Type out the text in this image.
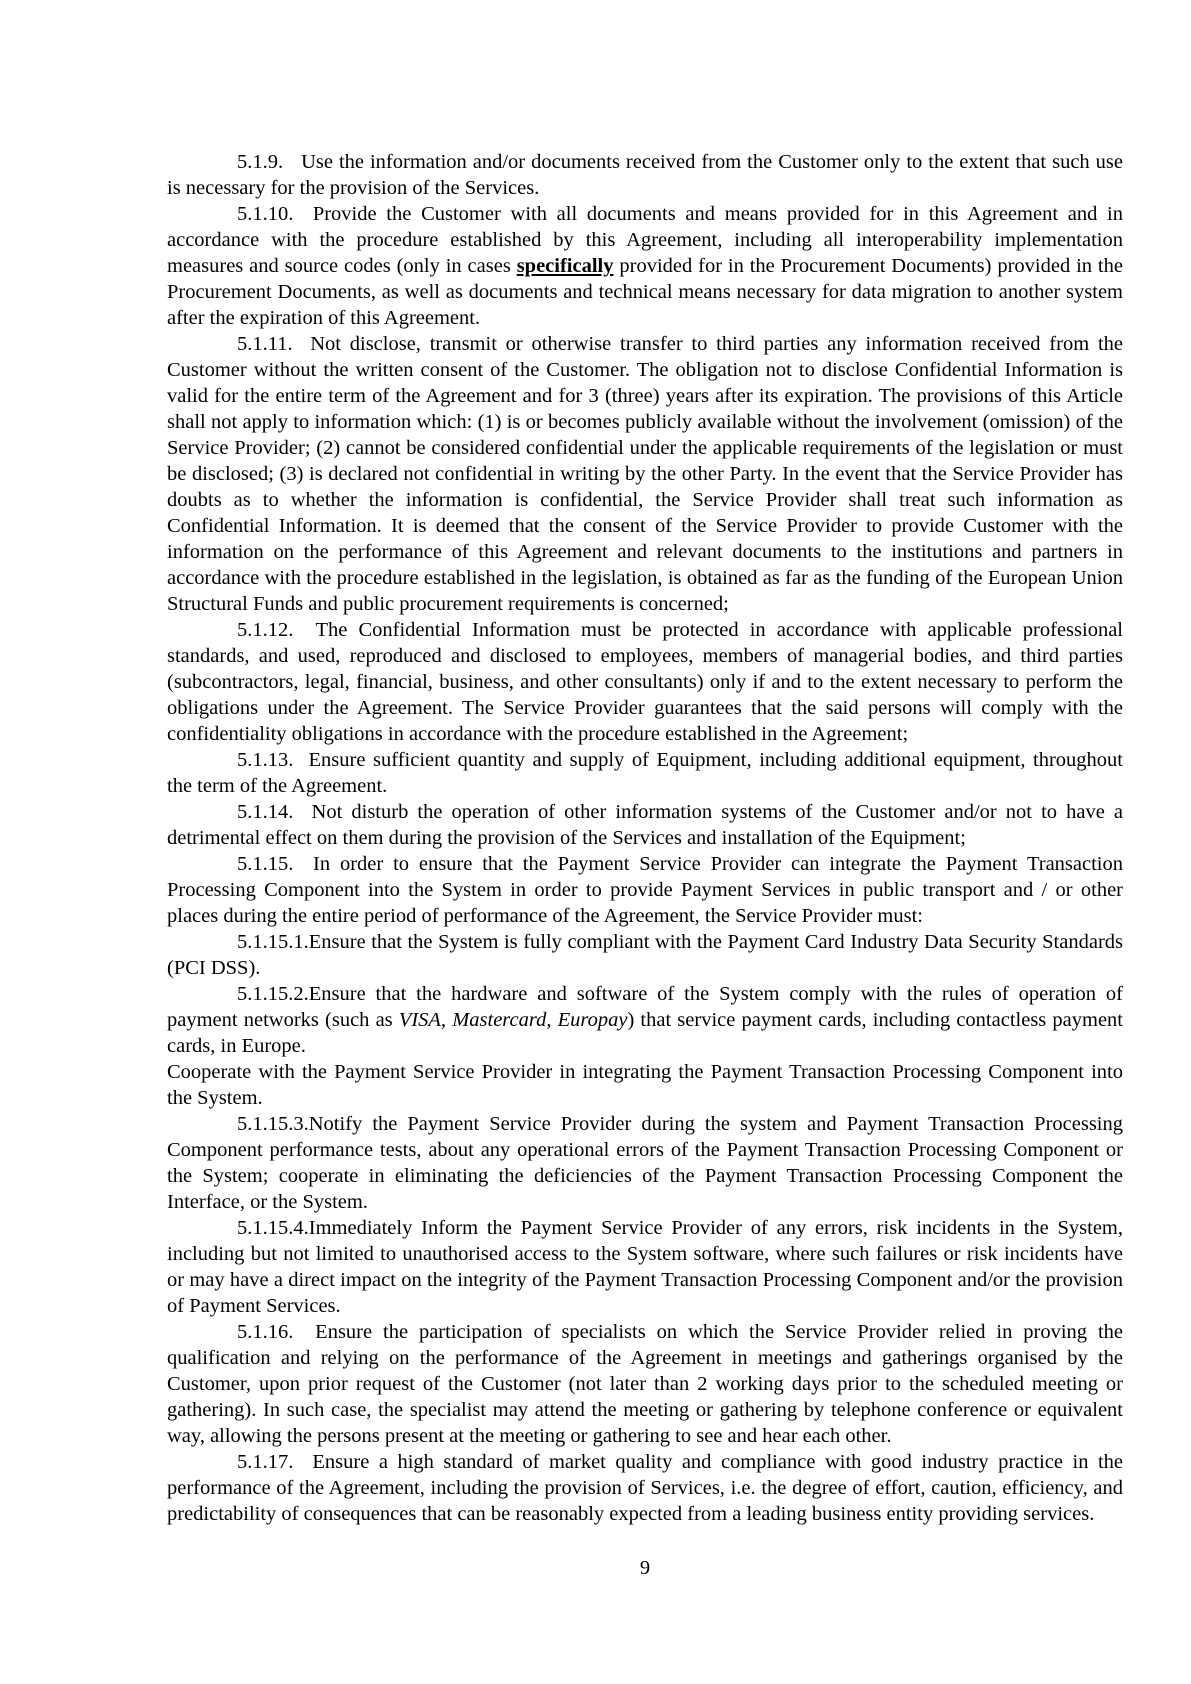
5.1.9.   Use the information and/or documents received from the Customer only to the extent that such use is necessary for the provision of the Services.

5.1.10.  Provide the Customer with all documents and means provided for in this Agreement and in accordance with the procedure established by this Agreement, including all interoperability implementation measures and source codes (only in cases specifically provided for in the Procurement Documents) provided in the Procurement Documents, as well as documents and technical means necessary for data migration to another system after the expiration of this Agreement.

5.1.11.  Not disclose, transmit or otherwise transfer to third parties any information received from the Customer without the written consent of the Customer. The obligation not to disclose Confidential Information is valid for the entire term of the Agreement and for 3 (three) years after its expiration. The provisions of this Article shall not apply to information which: (1) is or becomes publicly available without the involvement (omission) of the Service Provider; (2) cannot be considered confidential under the applicable requirements of the legislation or must be disclosed; (3) is declared not confidential in writing by the other Party. In the event that the Service Provider has doubts as to whether the information is confidential, the Service Provider shall treat such information as Confidential Information. It is deemed that the consent of the Service Provider to provide Customer with the information on the performance of this Agreement and relevant documents to the institutions and partners in accordance with the procedure established in the legislation, is obtained as far as the funding of the European Union Structural Funds and public procurement requirements is concerned;

5.1.12.  The Confidential Information must be protected in accordance with applicable professional standards, and used, reproduced and disclosed to employees, members of managerial bodies, and third parties (subcontractors, legal, financial, business, and other consultants) only if and to the extent necessary to perform the obligations under the Agreement. The Service Provider guarantees that the said persons will comply with the confidentiality obligations in accordance with the procedure established in the Agreement;

5.1.13.  Ensure sufficient quantity and supply of Equipment, including additional equipment, throughout the term of the Agreement.

5.1.14.  Not disturb the operation of other information systems of the Customer and/or not to have a detrimental effect on them during the provision of the Services and installation of the Equipment;

5.1.15.  In order to ensure that the Payment Service Provider can integrate the Payment Transaction Processing Component into the System in order to provide Payment Services in public transport and / or other places during the entire period of performance of the Agreement, the Service Provider must:

5.1.15.1.Ensure that the System is fully compliant with the Payment Card Industry Data Security Standards (PCI DSS).

5.1.15.2.Ensure that the hardware and software of the System comply with the rules of operation of payment networks (such as VISA, Mastercard, Europay) that service payment cards, including contactless payment cards, in Europe.

Cooperate with the Payment Service Provider in integrating the Payment Transaction Processing Component into the System.

5.1.15.3.Notify the Payment Service Provider during the system and Payment Transaction Processing Component performance tests, about any operational errors of the Payment Transaction Processing Component or the System; cooperate in eliminating the deficiencies of the Payment Transaction Processing Component the Interface, or the System.

5.1.15.4.Immediately Inform the Payment Service Provider of any errors, risk incidents in the System, including but not limited to unauthorised access to the System software, where such failures or risk incidents have or may have a direct impact on the integrity of the Payment Transaction Processing Component and/or the provision of Payment Services.

5.1.16.  Ensure the participation of specialists on which the Service Provider relied in proving the qualification and relying on the performance of the Agreement in meetings and gatherings organised by the Customer, upon prior request of the Customer (not later than 2 working days prior to the scheduled meeting or gathering). In such case, the specialist may attend the meeting or gathering by telephone conference or equivalent way, allowing the persons present at the meeting or gathering to see and hear each other.

5.1.17.  Ensure a high standard of market quality and compliance with good industry practice in the performance of the Agreement, including the provision of Services, i.e. the degree of effort, caution, efficiency, and predictability of consequences that can be reasonably expected from a leading business entity providing services.

9
